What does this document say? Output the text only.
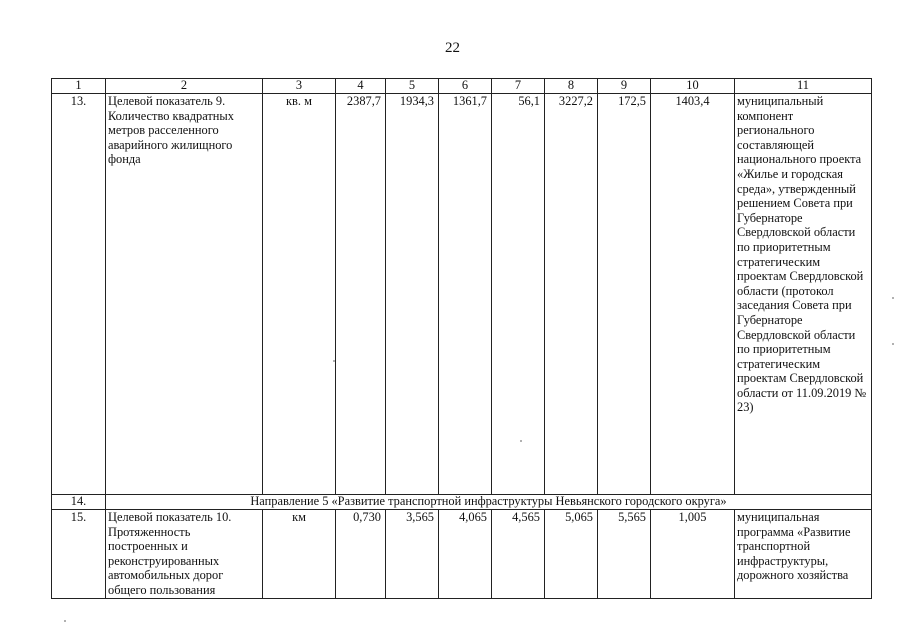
22
1	2	3	4	5	6	7	8	9	10	11
13.	Целевой показатель 9. Количество квадратных метров расселенного аварийного жилищного фонда	кв. м	2387,7	1934,3	1361,7	56,1	3227,2	172,5	1403,4	муниципальный компонент регионального составляющей национального проекта «Жилье и городская среда», утвержденный решением Совета при Губернаторе Свердловской области по приоритетным стратегическим проектам Свердловской области (протокол заседания Совета при Губернаторе Свердловской области по приоритетным стратегическим проектам Свердловской области от 11.09.2019 № 23)
14.	Направление 5 «Развитие транспортной инфраструктуры Невьянского городского округа»									
15.	Целевой показатель 10. Протяженность построенных и реконструированных автомобильных дорог общего пользования	км	0,730	3,565	4,065	4,565	5,065	5,565	1,005	муниципальная программа «Развитие транспортной инфраструктуры, дорожного хозяйства
